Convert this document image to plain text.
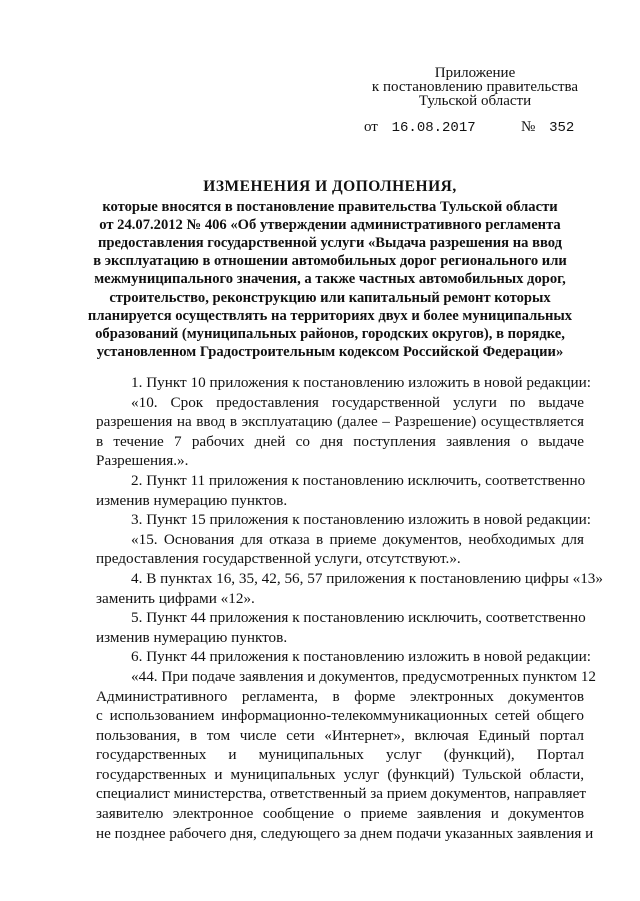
Приложение
к постановлению правительства
Тульской области
от 16.08.2017	№ 352
ИЗМЕНЕНИЯ И ДОПОЛНЕНИЯ,
которые вносятся в постановление правительства Тульской области
от 24.07.2012 № 406 «Об утверждении административного регламента
предоставления государственной услуги «Выдача разрешения на ввод
в эксплуатацию в отношении автомобильных дорог регионального или
межмуниципального значения, а также частных автомобильных дорог,
строительство, реконструкцию или капитальный ремонт которых
планируется осуществлять на территориях двух и более муниципальных
образований (муниципальных районов, городских округов), в порядке,
установленном Градостроительным кодексом Российской Федерации»
1. Пункт 10 приложения к постановлению изложить в новой редакции:
«10. Срок предоставления государственной услуги по выдаче
разрешения на ввод в эксплуатацию (далее – Разрешение) осуществляется
в течение 7 рабочих дней со дня поступления заявления о выдаче
Разрешения.».
2. Пункт 11 приложения к постановлению исключить, соответственно
изменив нумерацию пунктов.
3. Пункт 15 приложения к постановлению изложить в новой редакции:
«15. Основания для отказа в приеме документов, необходимых для
предоставления государственной услуги, отсутствуют.».
4. В пунктах 16, 35, 42, 56, 57 приложения к постановлению цифры «13»
заменить цифрами «12».
5. Пункт 44 приложения к постановлению исключить, соответственно
изменив нумерацию пунктов.
6. Пункт 44 приложения к постановлению изложить в новой редакции:
«44. При подаче заявления и документов, предусмотренных пунктом 12
Административного регламента, в форме электронных документов
с использованием информационно-телекоммуникационных сетей общего
пользования, в том числе сети «Интернет», включая Единый портал
государственных и муниципальных услуг (функций), Портал
государственных и муниципальных услуг (функций) Тульской области,
специалист министерства, ответственный за прием документов, направляет
заявителю электронное сообщение о приеме заявления и документов
не позднее рабочего дня, следующего за днем подачи указанных заявления и
